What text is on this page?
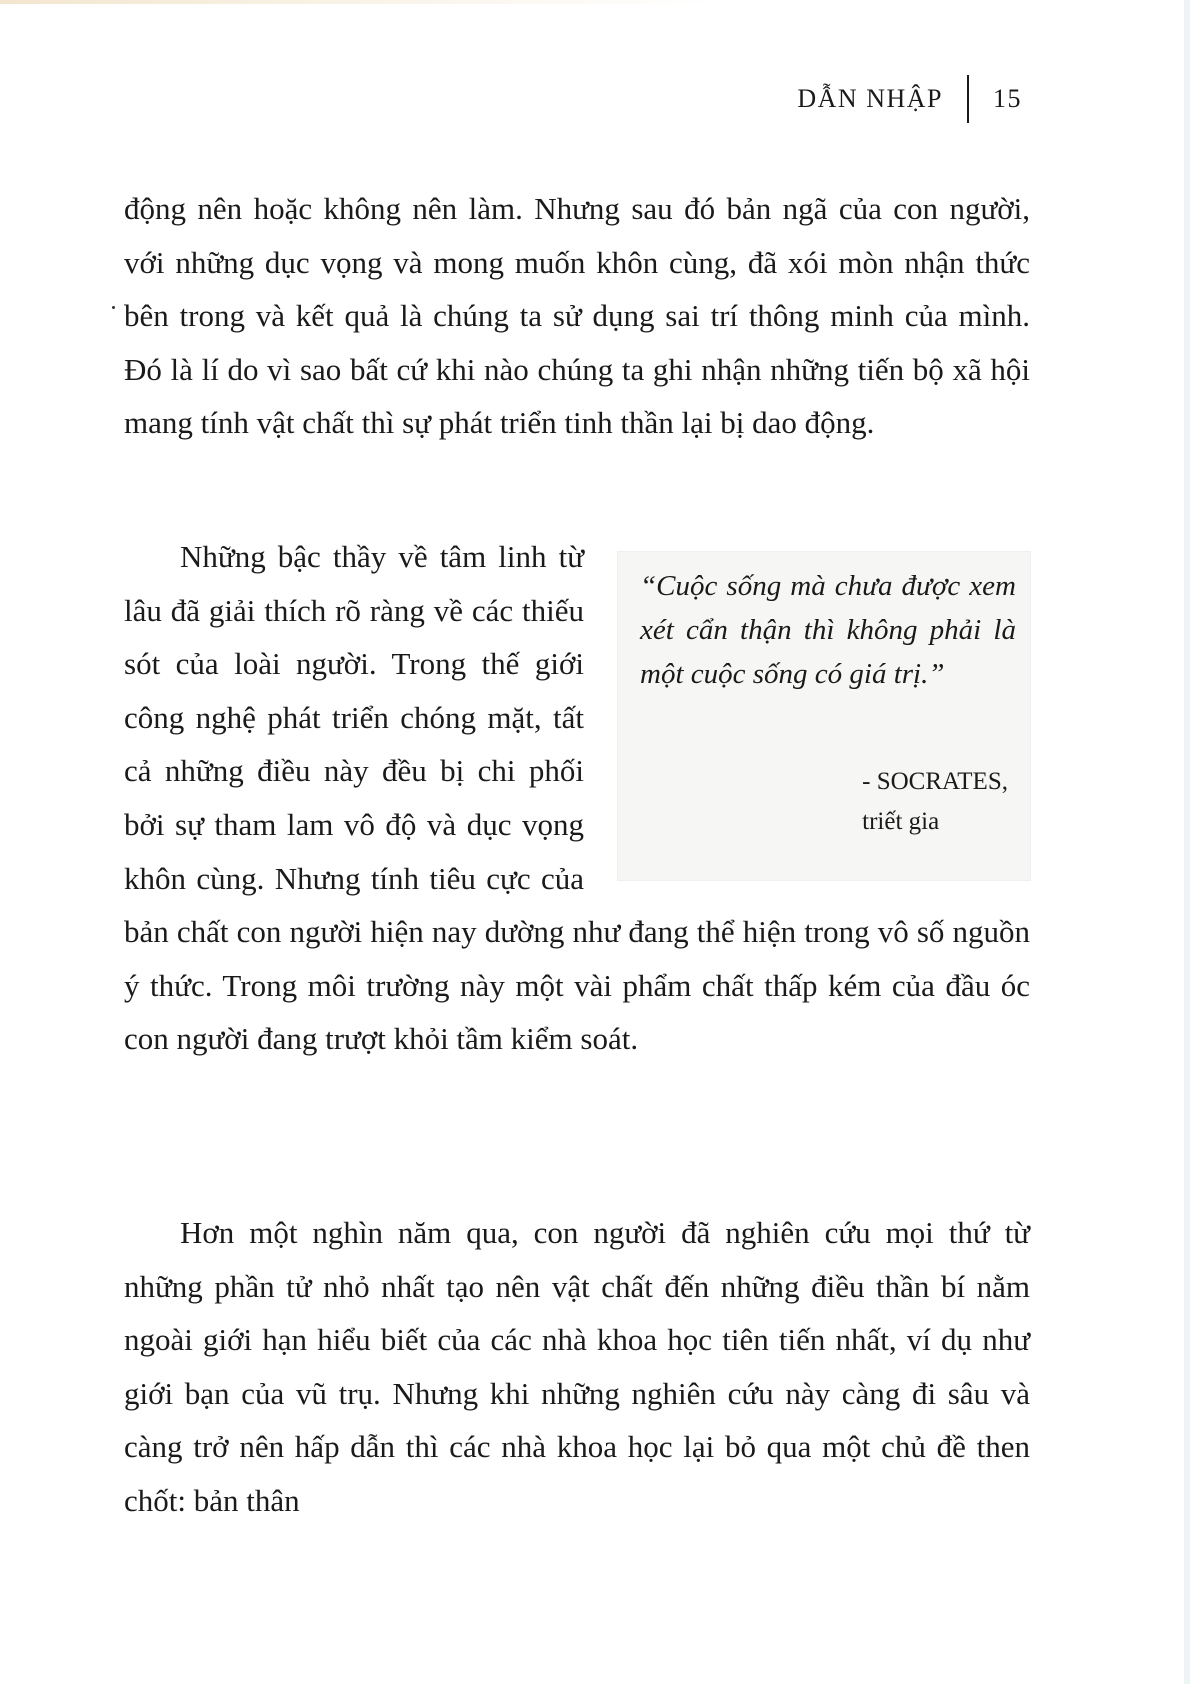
DẪN NHẬP 15

động nên hoặc không nên làm. Nhưng sau đó bản ngã của con người, với những dục vọng và mong muốn khôn cùng, đã xói mòn nhận thức bên trong và kết quả là chúng ta sử dụng sai trí thông minh của mình. Đó là lí do vì sao bất cứ khi nào chúng ta ghi nhận những tiến bộ xã hội mang tính vật chất thì sự phát triển tinh thần lại bị dao động.

“Cuộc sống mà chưa được xem xét cẩn thận thì không phải là một cuộc sống có giá trị.”
- SOCRATES,
triết gia

Những bậc thầy về tâm linh từ lâu đã giải thích rõ ràng về các thiếu sót của loài người. Trong thế giới công nghệ phát triển chóng mặt, tất cả những điều này đều bị chi phối bởi sự tham lam vô độ và dục vọng khôn cùng. Nhưng tính tiêu cực của bản chất con người hiện nay dường như đang thể hiện trong vô số nguồn ý thức. Trong môi trường này một vài phẩm chất thấp kém của đầu óc con người đang trượt khỏi tầm kiểm soát.

Hơn một nghìn năm qua, con người đã nghiên cứu mọi thứ từ những phần tử nhỏ nhất tạo nên vật chất đến những điều thần bí nằm ngoài giới hạn hiểu biết của các nhà khoa học tiên tiến nhất, ví dụ như giới bạn của vũ trụ. Nhưng khi những nghiên cứu này càng đi sâu và càng trở nên hấp dẫn thì các nhà khoa học lại bỏ qua một chủ đề then chốt: bản thân
